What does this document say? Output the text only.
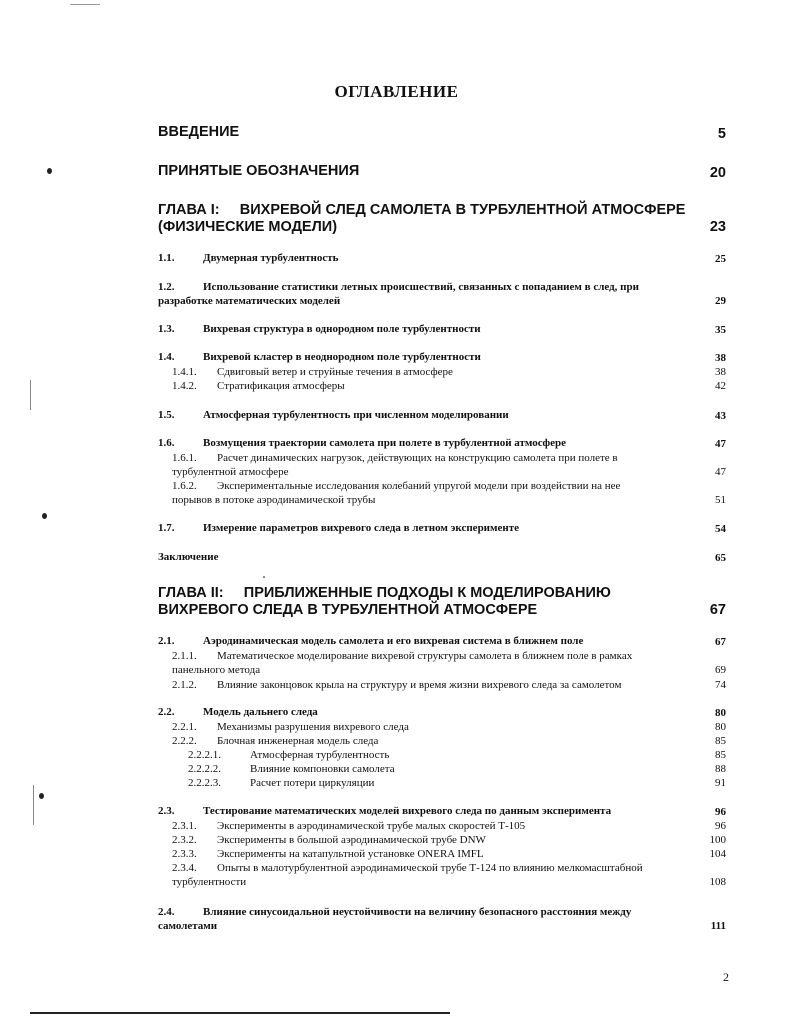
ОГЛАВЛЕНИЕ
ВВЕДЕНИЕ	5
ПРИНЯТЫЕ ОБОЗНАЧЕНИЯ	20
ГЛАВА I:     ВИХРЕВОЙ СЛЕД САМОЛЕТА В ТУРБУЛЕНТНОЙ АТМОСФЕРЕ
(ФИЗИЧЕСКИЕ МОДЕЛИ)	23
1.1.	Двумерная турбулентность	25
1.2.	Использование статистики летных происшествий, связанных с попаданием в след, при
разработке математических моделей	29
1.3.	Вихревая структура в однородном поле турбулентности	35
1.4.	Вихревой кластер в неоднородном поле турбулентности	38
1.4.1. Сдвиговый ветер и струйные течения в атмосфере	38
1.4.2. Стратификация атмосферы	42
1.5.	Атмосферная турбулентность при численном моделировании	43
1.6.	Возмущения траектории самолета при полете в турбулентной атмосфере	47
1.6.1. Расчет динамических нагрузок, действующих на конструкцию самолета при полете в
турбулентной атмосфере	47
1.6.2. Экспериментальные исследования колебаний упругой модели при воздействии на нее
порывов в потоке аэродинамической трубы	51
1.7.	Измерение параметров вихревого следа в летном эксперименте	54
Заключение	65
ГЛАВА II:     ПРИБЛИЖЕННЫЕ ПОДХОДЫ К МОДЕЛИРОВАНИЮ
ВИХРЕВОГО СЛЕДА В ТУРБУЛЕНТНОЙ АТМОСФЕРЕ	67
2.1.	Аэродинамическая модель самолета и его вихревая система в ближнем поле	67
2.1.1. Математическое моделирование вихревой структуры самолета в ближнем поле в рамках
панельного метода	69
2.1.2. Влияние законцовок крыла на структуру и время жизни вихревого следа за самолетом	74
2.2.	Модель дальнего следа	80
2.2.1. Механизмы разрушения вихревого следа	80
2.2.2. Блочная инженерная модель следа	85
2.2.2.1.	Атмосферная турбулентность	85
2.2.2.2.	Влияние компоновки самолета	88
2.2.2.3.	Расчет потери циркуляции	91
2.3.	Тестирование математических моделей вихревого следа по данным эксперимента	96
2.3.1. Эксперименты в аэродинамической трубе малых скоростей Т-105	96
2.3.2. Эксперименты в большой аэродинамической трубе DNW	100
2.3.3. Эксперименты на катапультной установке ONERA IMFL	104
2.3.4. Опыты в малотурбулентной аэродинамической трубе Т-124 по влиянию мелкомасштабной
турбулентности	108
2.4.	Влияние синусоидальной неустойчивости на величину безопасного расстояния между
самолетами	111
2
